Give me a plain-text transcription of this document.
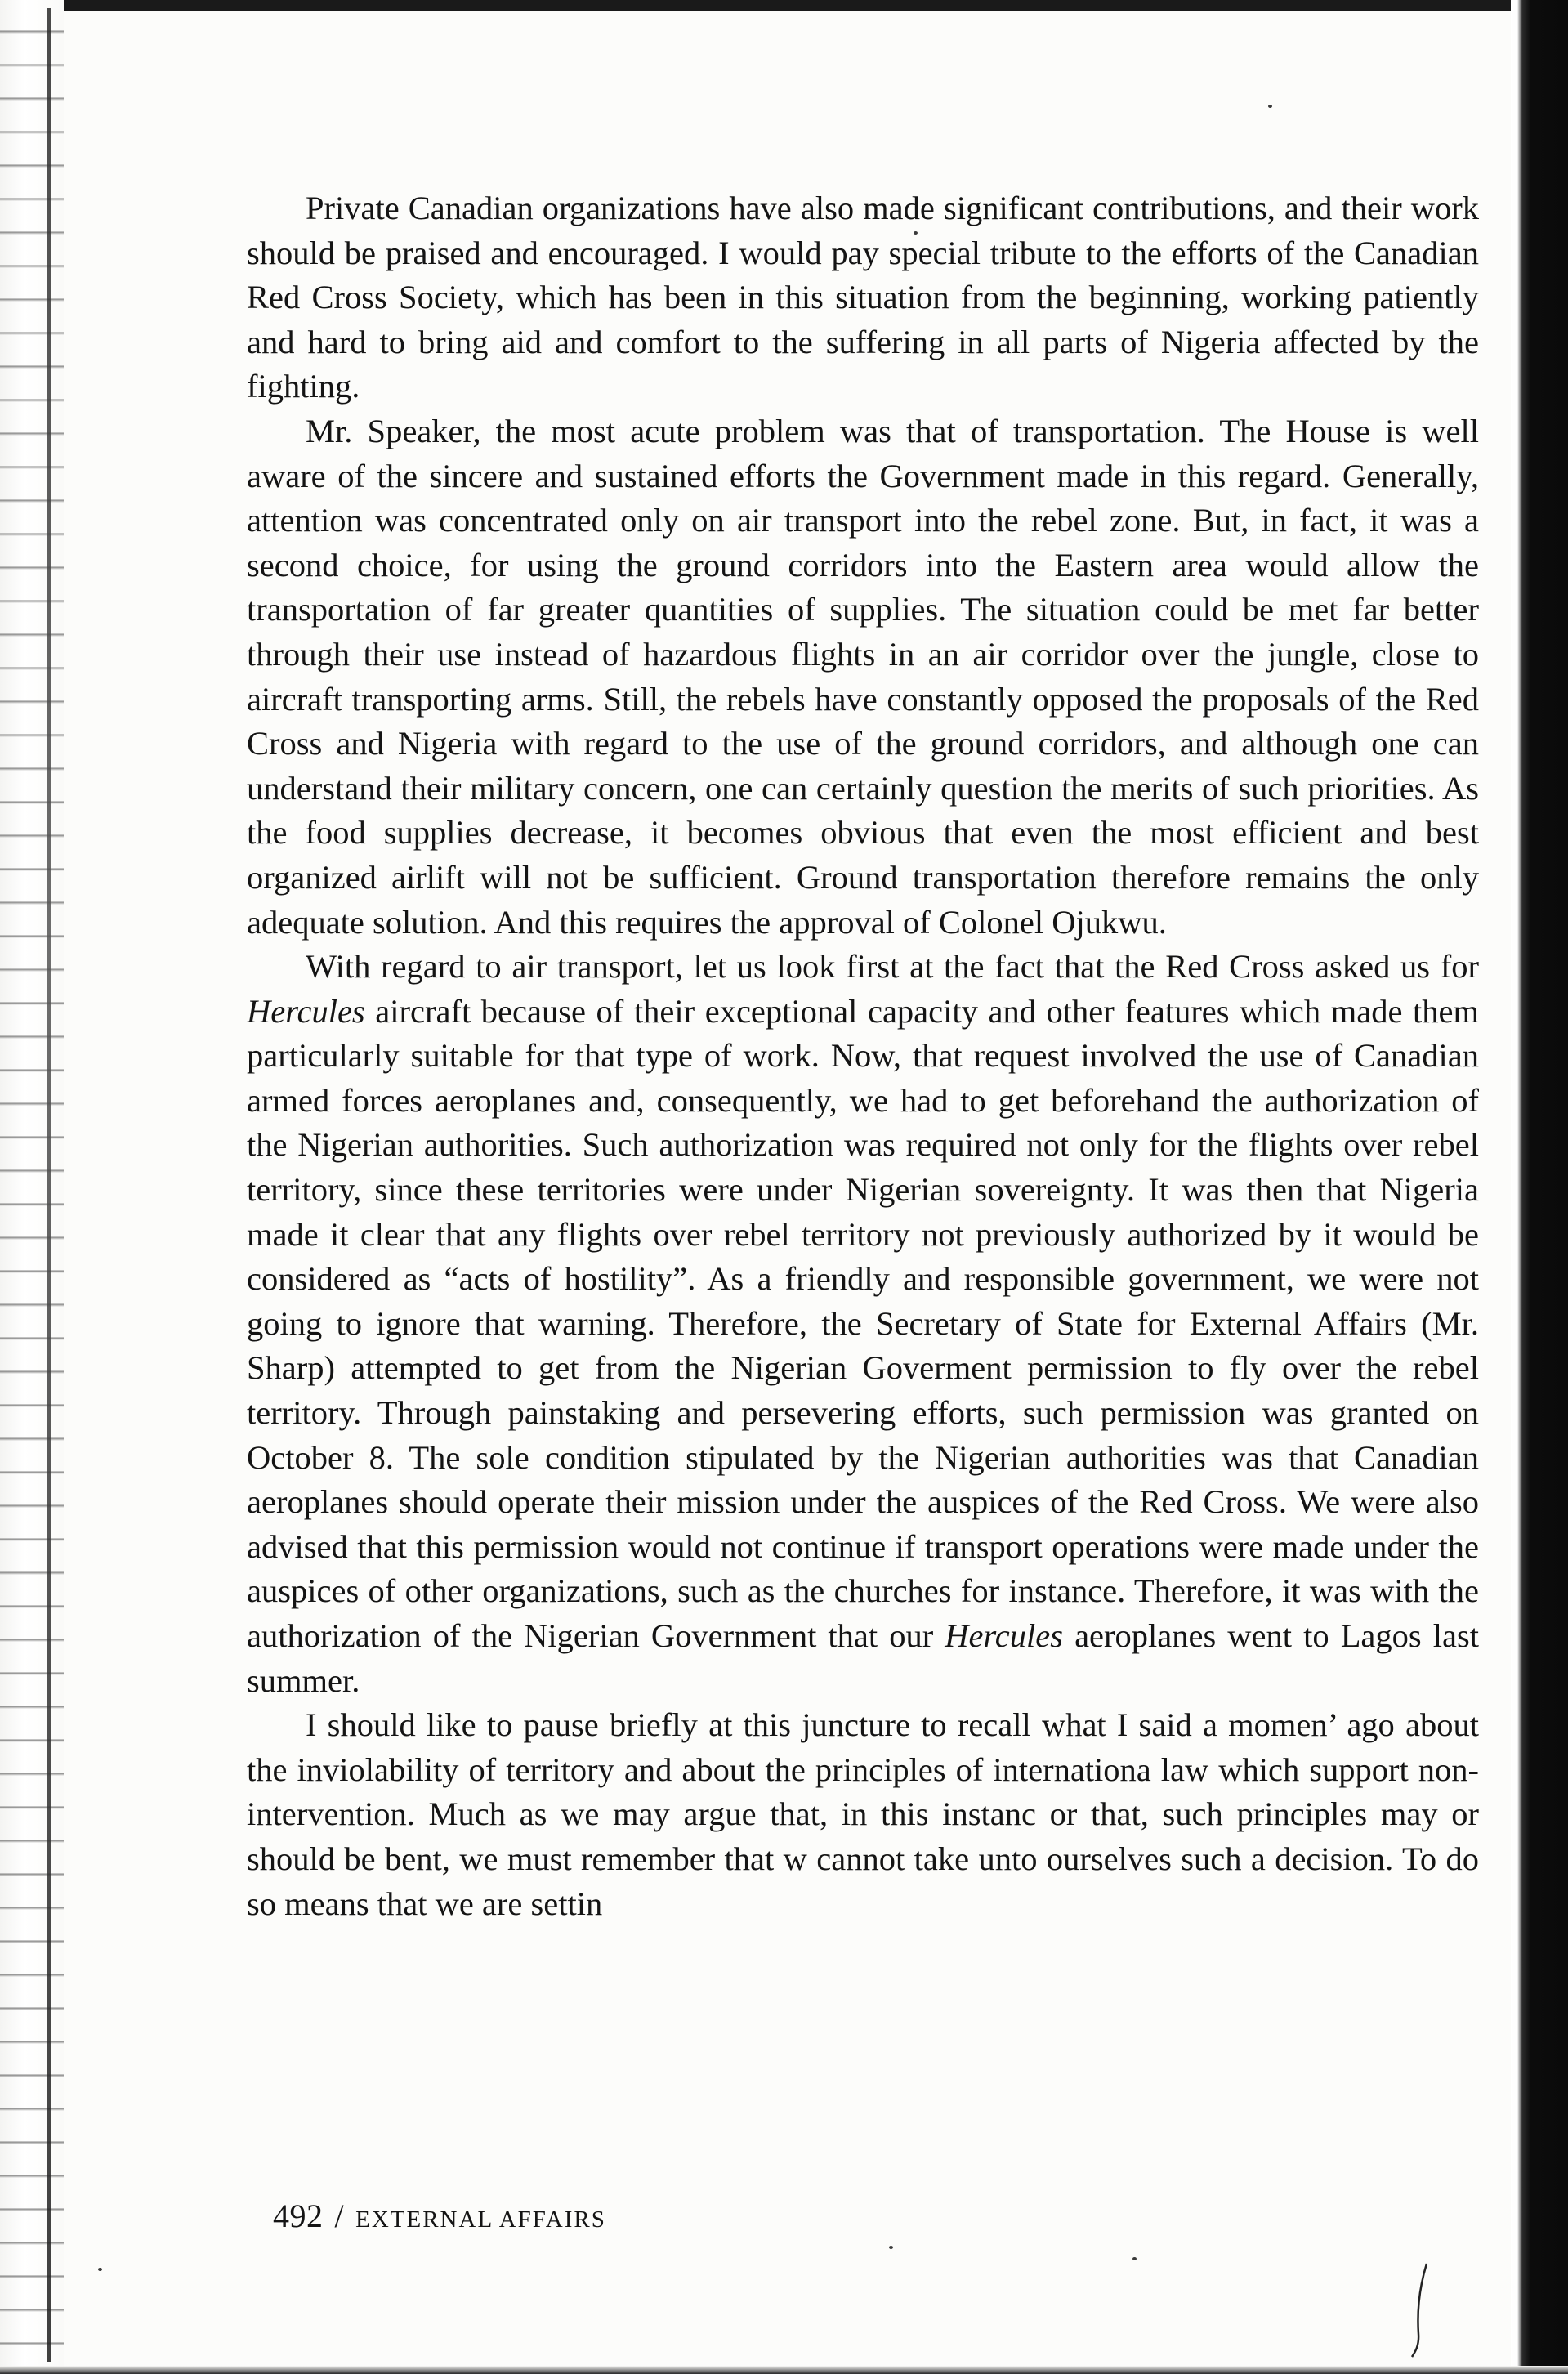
Private Canadian organizations have also made significant contributions, and their work should be praised and encouraged. I would pay special tribute to the efforts of the Canadian Red Cross Society, which has been in this situation from the beginning, working patiently and hard to bring aid and comfort to the suffering in all parts of Nigeria affected by the fighting.

Mr. Speaker, the most acute problem was that of transportation. The House is well aware of the sincere and sustained efforts the Government made in this regard. Generally, attention was concentrated only on air transport into the rebel zone. But, in fact, it was a second choice, for using the ground corridors into the Eastern area would allow the transportation of far greater quantities of supplies. The situation could be met far better through their use instead of hazardous flights in an air corridor over the jungle, close to aircraft transporting arms. Still, the rebels have constantly opposed the proposals of the Red Cross and Nigeria with regard to the use of the ground corridors, and although one can understand their military concern, one can certainly question the merits of such priorities. As the food supplies decrease, it becomes obvious that even the most efficient and best organized airlift will not be sufficient. Ground transportation therefore remains the only adequate solution. And this requires the approval of Colonel Ojukwu.

With regard to air transport, let us look first at the fact that the Red Cross asked us for Hercules aircraft because of their exceptional capacity and other features which made them particularly suitable for that type of work. Now, that request involved the use of Canadian armed forces aeroplanes and, consequently, we had to get beforehand the authorization of the Nigerian authorities. Such authorization was required not only for the flights over rebel territory, since these territories were under Nigerian sovereignty. It was then that Nigeria made it clear that any flights over rebel territory not previously authorized by it would be considered as “acts of hostility”. As a friendly and responsible government, we were not going to ignore that warning. Therefore, the Secretary of State for External Affairs (Mr. Sharp) attempted to get from the Nigerian Goverment permission to fly over the rebel territory. Through painstaking and persevering efforts, such permission was granted on October 8. The sole condition stipulated by the Nigerian authorities was that Canadian aeroplanes should operate their mission under the auspices of the Red Cross. We were also advised that this permission would not continue if transport operations were made under the auspices of other organizations, such as the churches for instance. Therefore, it was with the authorization of the Nigerian Government that our Hercules aeroplanes went to Lagos last summer.

I should like to pause briefly at this juncture to recall what I said a momen’ ago about the inviolability of territory and about the principles of internationa law which support non-intervention. Much as we may argue that, in this instanc or that, such principles may or should be bent, we must remember that w cannot take unto ourselves such a decision. To do so means that we are settin

492 / EXTERNAL AFFAIRS
